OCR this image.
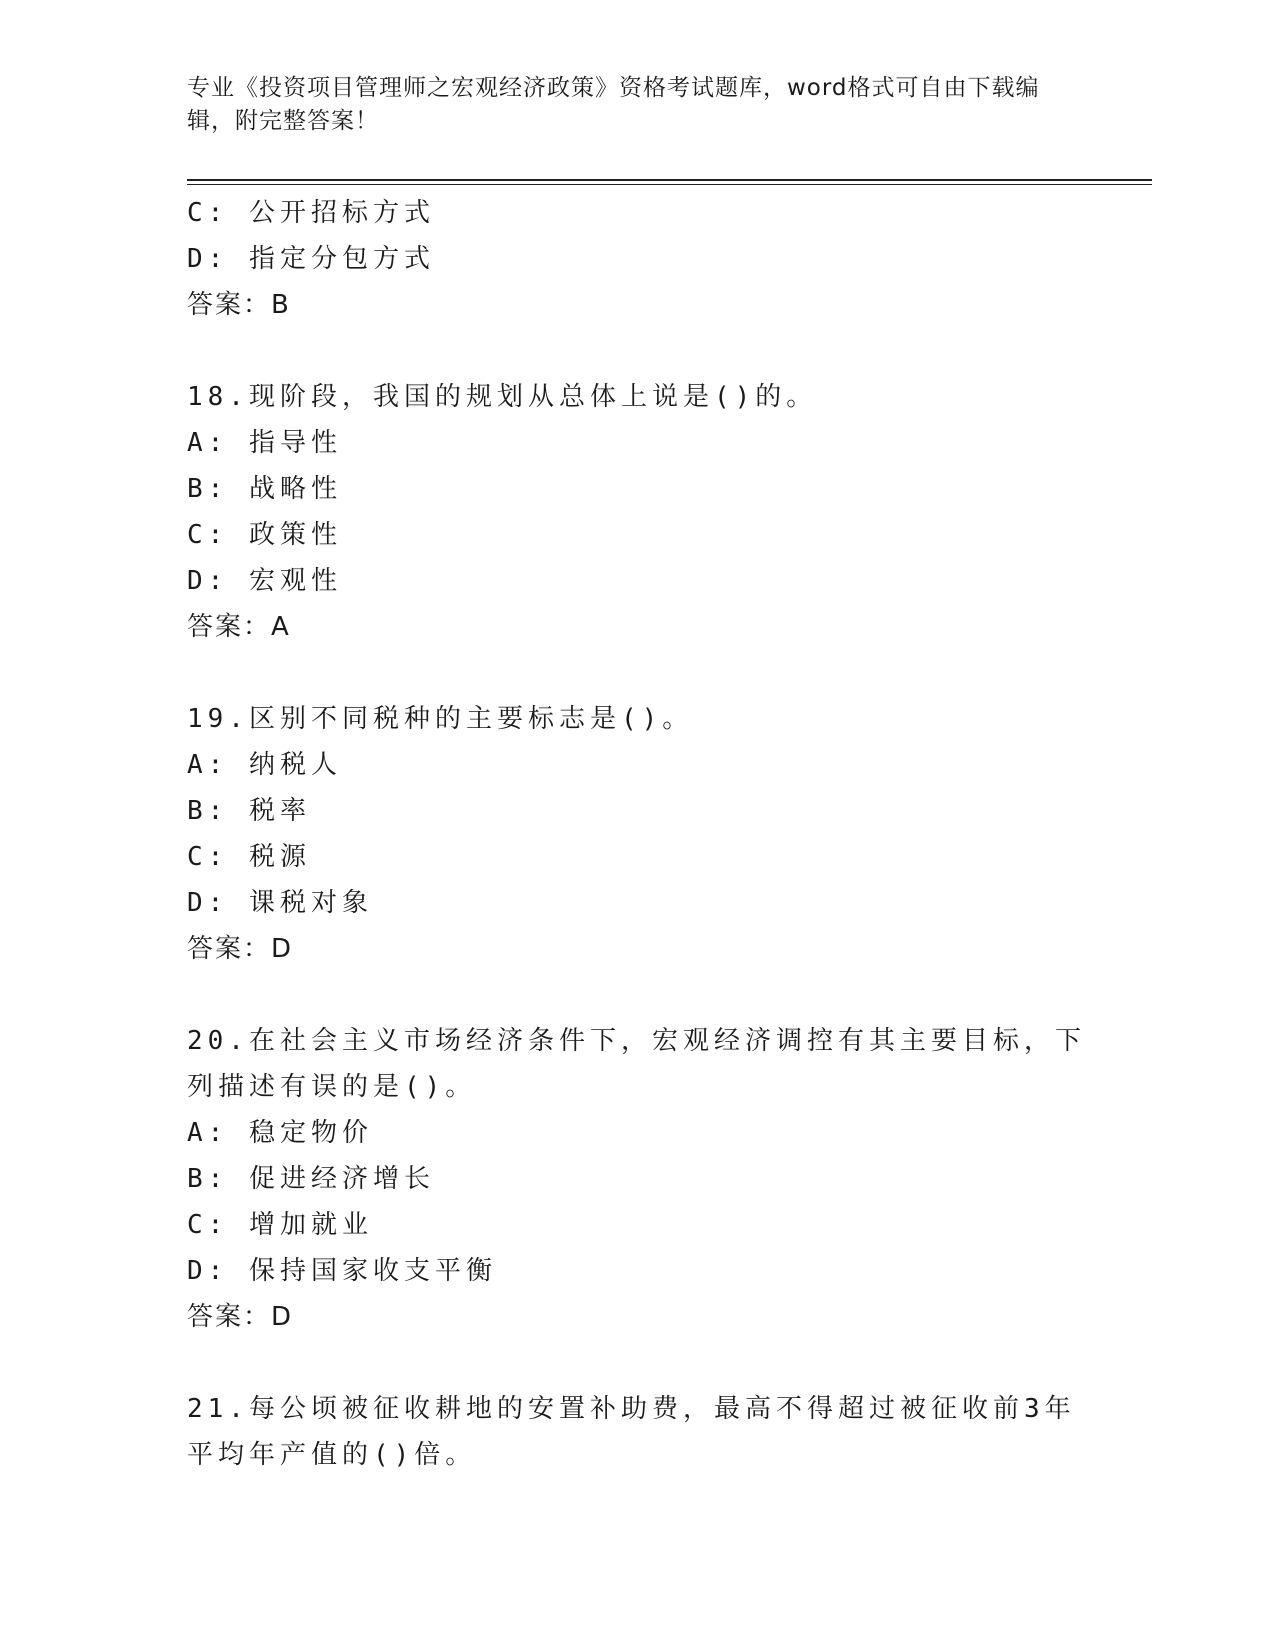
专业《投资项目管理师之宏观经济政策》资格考试题库，word格式可自由下载编辑，附完整答案！
C: 公开招标方式
D: 指定分包方式
答案：B
18.现阶段，我国的规划从总体上说是()的。
A: 指导性
B: 战略性
C: 政策性
D: 宏观性
答案：A
19.区别不同税种的主要标志是()。
A: 纳税人
B: 税率
C: 税源
D: 课税对象
答案：D
20.在社会主义市场经济条件下，宏观经济调控有其主要目标，下列描述有误的是()。
A: 稳定物价
B: 促进经济增长
C: 增加就业
D: 保持国家收支平衡
答案：D
21.每公顷被征收耕地的安置补助费，最高不得超过被征收前3年平均年产值的()倍。
